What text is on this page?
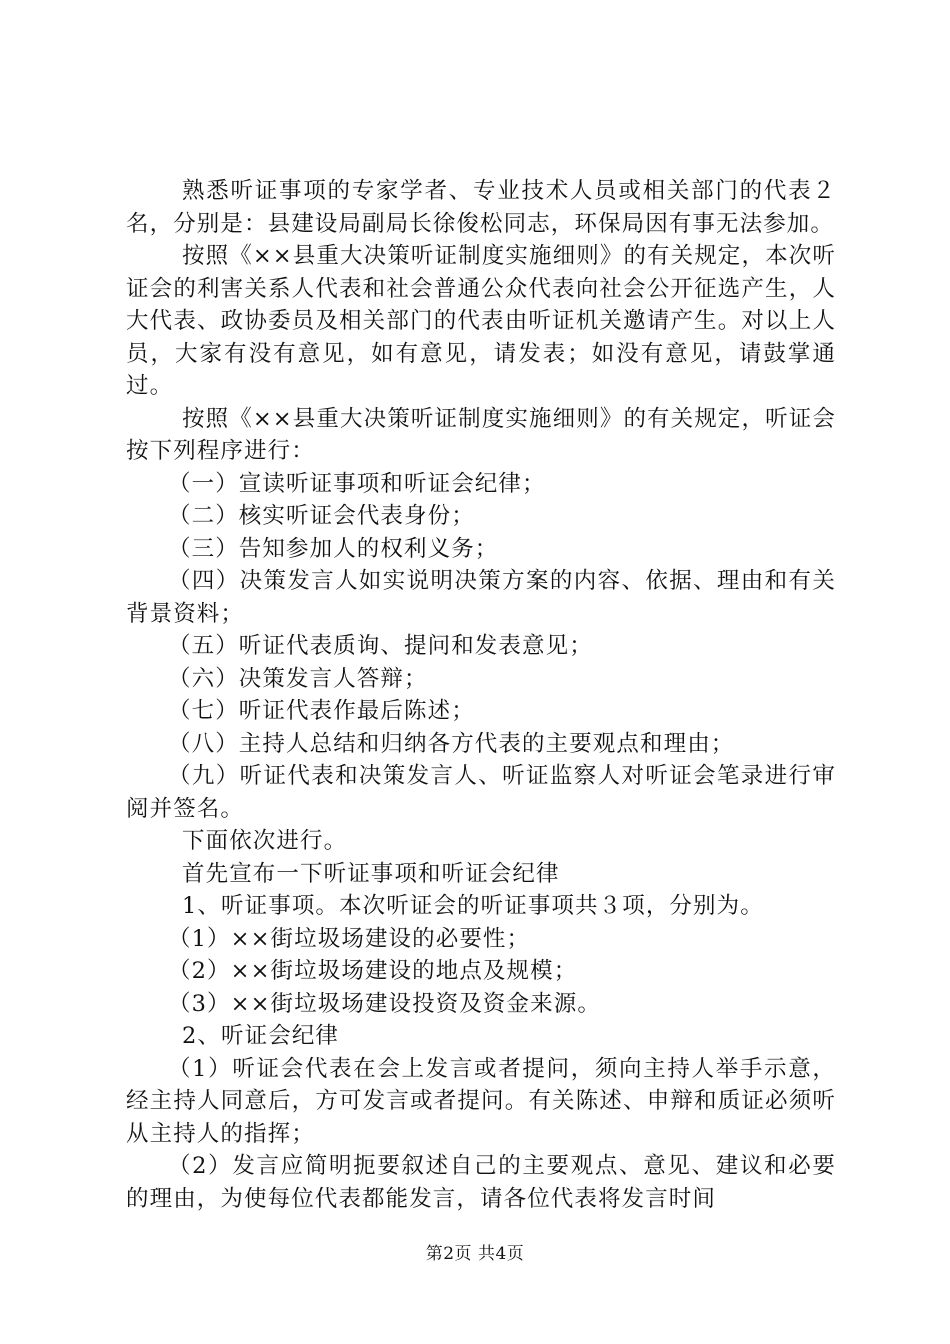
熟悉听证事项的专家学者、专业技术人员或相关部门的代表２名，分别是：县建设局副局长徐俊松同志，环保局因有事无法参加。

按照《××县重大决策听证制度实施细则》的有关规定，本次听证会的利害关系人代表和社会普通公众代表向社会公开征选产生，人大代表、政协委员及相关部门的代表由听证机关邀请产生。对以上人员，大家有没有意见，如有意见，请发表；如没有意见，请鼓掌通过。

按照《××县重大决策听证制度实施细则》的有关规定，听证会按下列程序进行：

（一）宣读听证事项和听证会纪律；

（二）核实听证会代表身份；

（三）告知参加人的权利义务；

（四）决策发言人如实说明决策方案的内容、依据、理由和有关背景资料；

（五）听证代表质询、提问和发表意见；

（六）决策发言人答辩；

（七）听证代表作最后陈述；

（八）主持人总结和归纳各方代表的主要观点和理由；

（九）听证代表和决策发言人、听证监察人对听证会笔录进行审阅并签名。

下面依次进行。

首先宣布一下听证事项和听证会纪律

1、听证事项。本次听证会的听证事项共３项，分别为。

（1）××街垃圾场建设的必要性；

（2）××街垃圾场建设的地点及规模；

（3）××街垃圾场建设投资及资金来源。

2、听证会纪律

（1）听证会代表在会上发言或者提问，须向主持人举手示意，经主持人同意后，方可发言或者提问。有关陈述、申辩和质证必须听从主持人的指挥；

（2）发言应简明扼要叙述自己的主要观点、意见、建议和必要的理由，为使每位代表都能发言，请各位代表将发言时间

第2页 共4页
